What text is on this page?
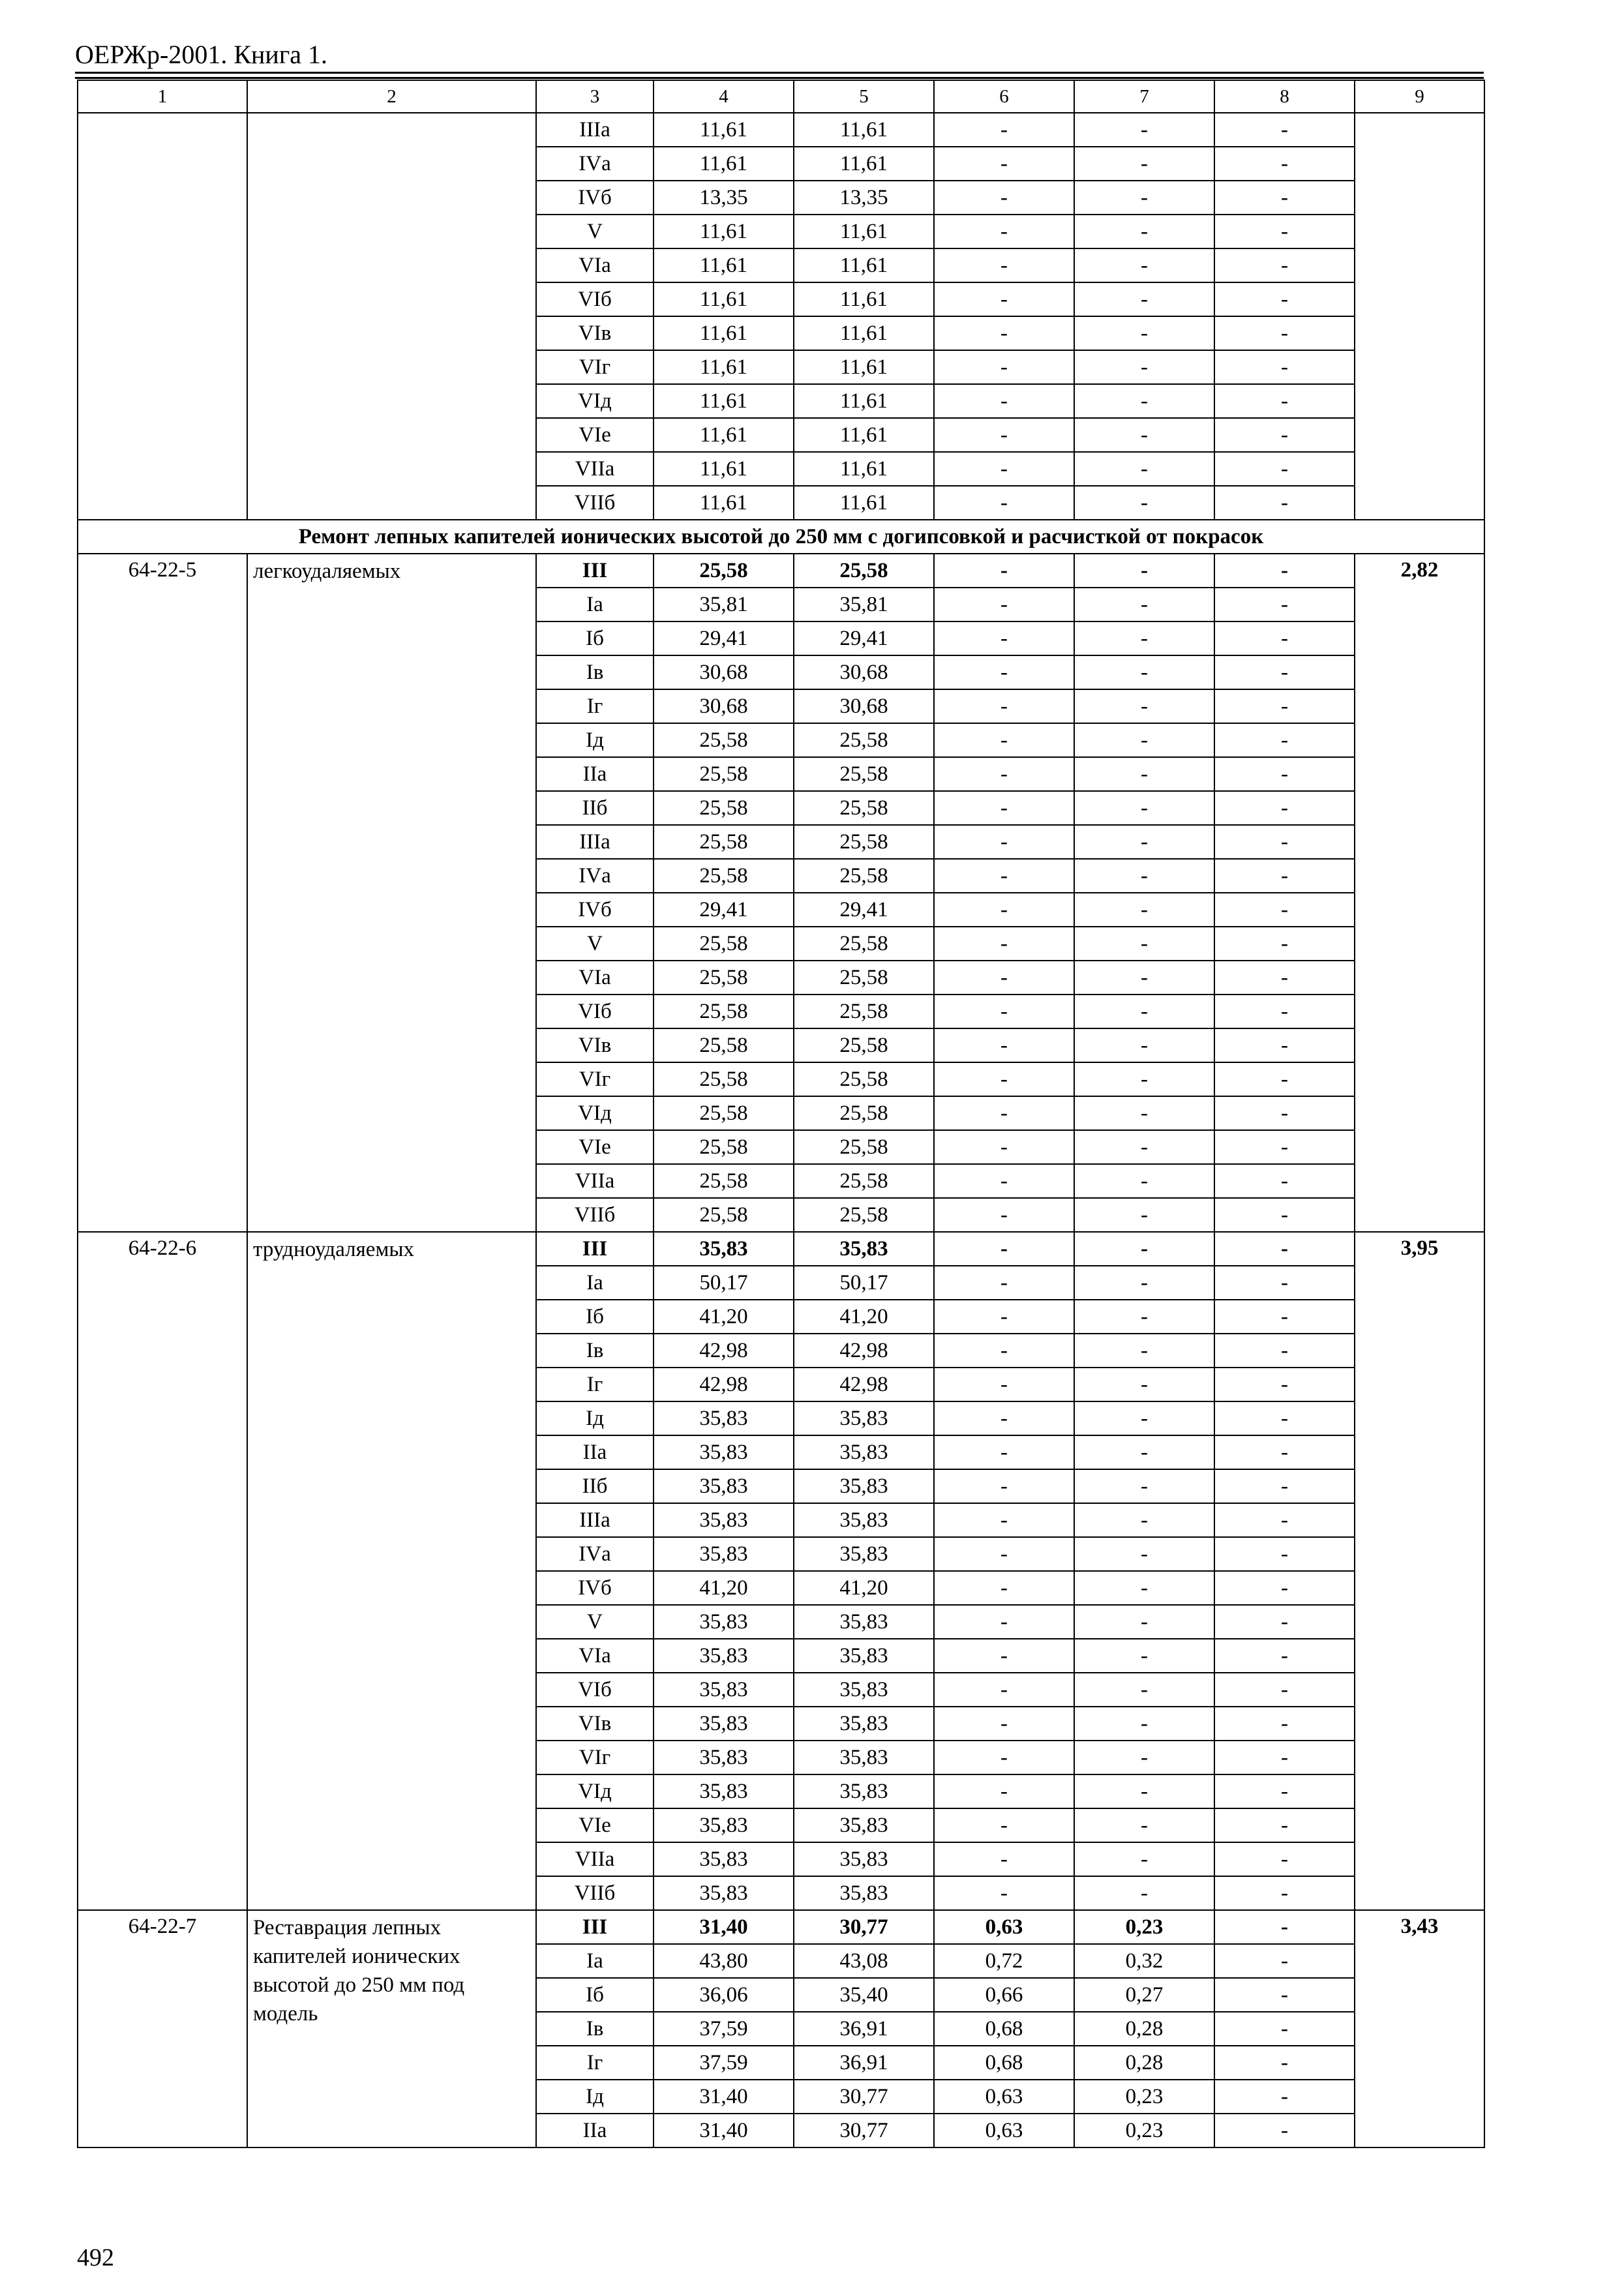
ОЕРЖр-2001. Книга 1.
1	2	3	4	5	6	7	8	9
		IIIа	11,61	11,61	-	-	-	
		IVа	11,61	11,61	-	-	-	
		IVб	13,35	13,35	-	-	-	
		V	11,61	11,61	-	-	-	
		VIа	11,61	11,61	-	-	-	
		VIб	11,61	11,61	-	-	-	
		VIв	11,61	11,61	-	-	-	
		VIг	11,61	11,61	-	-	-	
		VIд	11,61	11,61	-	-	-	
		VIе	11,61	11,61	-	-	-	
		VIIа	11,61	11,61	-	-	-	
		VIIб	11,61	11,61	-	-	-	
Ремонт лепных капителей ионических высотой до 250 мм с догипсовкой и расчисткой от покрасок								
64-22-5	легкоудаляемых	III	25,58	25,58	-	-	-	2,82
		Iа	35,81	35,81	-	-	-	
		Iб	29,41	29,41	-	-	-	
		Iв	30,68	30,68	-	-	-	
		Iг	30,68	30,68	-	-	-	
		Iд	25,58	25,58	-	-	-	
		IIа	25,58	25,58	-	-	-	
		IIб	25,58	25,58	-	-	-	
		IIIа	25,58	25,58	-	-	-	
		IVа	25,58	25,58	-	-	-	
		IVб	29,41	29,41	-	-	-	
		V	25,58	25,58	-	-	-	
		VIа	25,58	25,58	-	-	-	
		VIб	25,58	25,58	-	-	-	
		VIв	25,58	25,58	-	-	-	
		VIг	25,58	25,58	-	-	-	
		VIд	25,58	25,58	-	-	-	
		VIе	25,58	25,58	-	-	-	
		VIIа	25,58	25,58	-	-	-	
		VIIб	25,58	25,58	-	-	-	
64-22-6	трудноудаляемых	III	35,83	35,83	-	-	-	3,95
		Iа	50,17	50,17	-	-	-	
		Iб	41,20	41,20	-	-	-	
		Iв	42,98	42,98	-	-	-	
		Iг	42,98	42,98	-	-	-	
		Iд	35,83	35,83	-	-	-	
		IIа	35,83	35,83	-	-	-	
		IIб	35,83	35,83	-	-	-	
		IIIа	35,83	35,83	-	-	-	
		IVа	35,83	35,83	-	-	-	
		IVб	41,20	41,20	-	-	-	
		V	35,83	35,83	-	-	-	
		VIа	35,83	35,83	-	-	-	
		VIб	35,83	35,83	-	-	-	
		VIв	35,83	35,83	-	-	-	
		VIг	35,83	35,83	-	-	-	
		VIд	35,83	35,83	-	-	-	
		VIе	35,83	35,83	-	-	-	
		VIIа	35,83	35,83	-	-	-	
		VIIб	35,83	35,83	-	-	-	
64-22-7	Реставрация лепных капителей ионических высотой до 250 мм под модель	III	31,40	30,77	0,63	0,23	-	3,43
		Iа	43,80	43,08	0,72	0,32	-	
		Iб	36,06	35,40	0,66	0,27	-	
		Iв	37,59	36,91	0,68	0,28	-	
		Iг	37,59	36,91	0,68	0,28	-	
		Iд	31,40	30,77	0,63	0,23	-	
		IIа	31,40	30,77	0,63	0,23	-	
492
